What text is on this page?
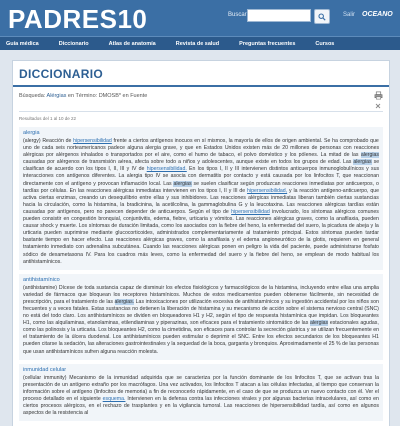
PADRES10	Buscar	Salir OCEANO
Guía médica	Diccionario	Atlas de anatomía	Revista de salud	Preguntas frecuentes	Cursos
DICCIONARIO
Búsqueda: Alérgias en Término: DMOSB* en Fuente
Resultados del 1 al 10 de 22
alergia

(alergy) Reacción de hipersensibilidad frente a ciertos antígenos inocuos en sí mismos, la mayoría de ellos de origen ambiental. Se ha comprobado que uno de cada seis norteamericanos padece alguna alergia grave, y que en Estados Unidos existen más de 20 millones de personas con reacciones alérgicas por alérgenos inhalados o transportados por el aire, como el humo de tabaco, el polvo doméstico y los pólenes. La mitad de las alergias causadas por alérgenos de transmisión aérea, afecta sobre todo a niños y adolescentes, aunque existe en todos los grupos de edad. Las alergias se clasifican de acuerdo con los tipos I, II, III y IV de hipersensibilidad. En los tipos I, II y III intervienen distintos anticuerpos inmunoglobulínicos y sus interacciones con antígenos diferentes. La alergia tipo IV se asocia con dermatitis por contacto y está causada por los linfocitos T, que reaccionan directamente con el antígeno y provocan inflamación local. Las alergias se suelen clasificar según produzcan reacciones inmediatas por anticuerpos, o tardías por células. En las reacciones alérgicas inmediatas intervienen en los tipos I, II y III de hipersensibilidad, y la reacción antígeno-anticuerpo, que activa ciertas enzimas, creando un desequilibrio entre ellas y sus inhibidores. Las reacciones alérgicas inmediatas liberan también ciertas sustancias hacia la circulación, como la histamina, la bradicinina, la acetilcolina, la gammaglobulina G y la leucotaxina. Las reacciones alérgicas tardías están causadas por antígenos, pero no parecen depender de anticuerpos. Según el tipo de hipersensibilidad involucrado, los síntomas alérgicos comunes pueden consistir en congestión bronquial, conjuntivitis, edema, fiebre, urticaria y vómitos. Las reacciones alérgicas graves, como la anafilaxia, pueden causar shock y muerte. Los síntomas de duración limitada, como los asociados con la fiebre del heno, la enfermedad del suero, la picadura de abeja y la urticaria pueden suprimirse mediante glucocorticoides, administrados complementariamente al tratamiento principal. Estos síntomas pueden tardar bastante tiempo en hacer efecto. Las reacciones alérgicas graves, como la anafilaxia y el edema angioneurótico de la glotis, requieren en general tratamiento inmediato con adrenalina subcutánea. Cuando las reacciones alérgicas ponen en peligro la vida del paciente, puede administrarse fosfato sódico de dexametasona IV. Para los cuadros más leves, como la enfermedad del suero y la fiebre del heno, se emplean de modo habitual los antihistamínicos.

antihistamínico

(antihistamine) Dícese de toda sustancia capaz de disminuir los efectos fisiológicos y farmacológicos de la histamina, incluyendo entre ellas una amplia variedad de fármacos que bloquean los receptores histamínicos. Muchos de estos medicamentos pueden obtenerse fácilmente, sin necesidad de prescripción, para el tratamiento de las alergias. Las intoxicaciones por utilización excesiva de antihistamínicos y su ingestión accidental por los niños son frecuentes y a veces fatales. Estas sustancias no detienen la liberación de histamina y su mecanismo de acción sobre el sistema nervioso central (SNC) no está del todo claro. Los antihistamínicos se dividen en bloqueadores H1 y H2, según el tipo de respuesta histamínica que impidan. Los bloqueantes H1, como las alquilaminas, etanolaminas, etilendiaminas y piperazinas, son eficaces para el tratamiento sintomático de las alergias estacionales agudas, como las polinosis y la urticaria. Los bloqueantes H2, como la cimetidina, son eficaces para controlar la secreción gástrica y se utilizan frecuentemente en el tratamiento de la úlcera duodenal. Los antihistamínicos pueden estimular o deprimir el SNC. Entre los efectos secundarios de los bloqueantes H1 pueden citarse la sedación, las alteraciones gastrointestinales y la sequedad de la boca, garganta y bronquios. Aproximadamente el 25 % de las personas que usan antihistamínicos sufren alguna reacción molesta.

inmunidad celular

(cellular immunity) Mecanismo de la inmunidad adquirida que se caracteriza por la función dominante de los linfocitos T, que se activan tras la presentación de un antígeno extraño por los macrófagos. Una vez activados, los linfocitos T atacan a las células infectadas, al tiempo que conservan la información sobre el antígeno (linfocitos de memoria) a fin de reconocerlo rápidamente, en el caso de que se produzca un nuevo contacto con él. Ver el proceso detallado en el siguiente esquema. Intervienen en la defensa contra las infecciones virales y por algunas bacterias intracelulares, así como en ciertos procesos alérgicos, en el rechazo de trasplantes y en la vigilancia tumoral. Las reacciones de hipersensibilidad tardía, así como en algunos aspectos de la resistencia al
